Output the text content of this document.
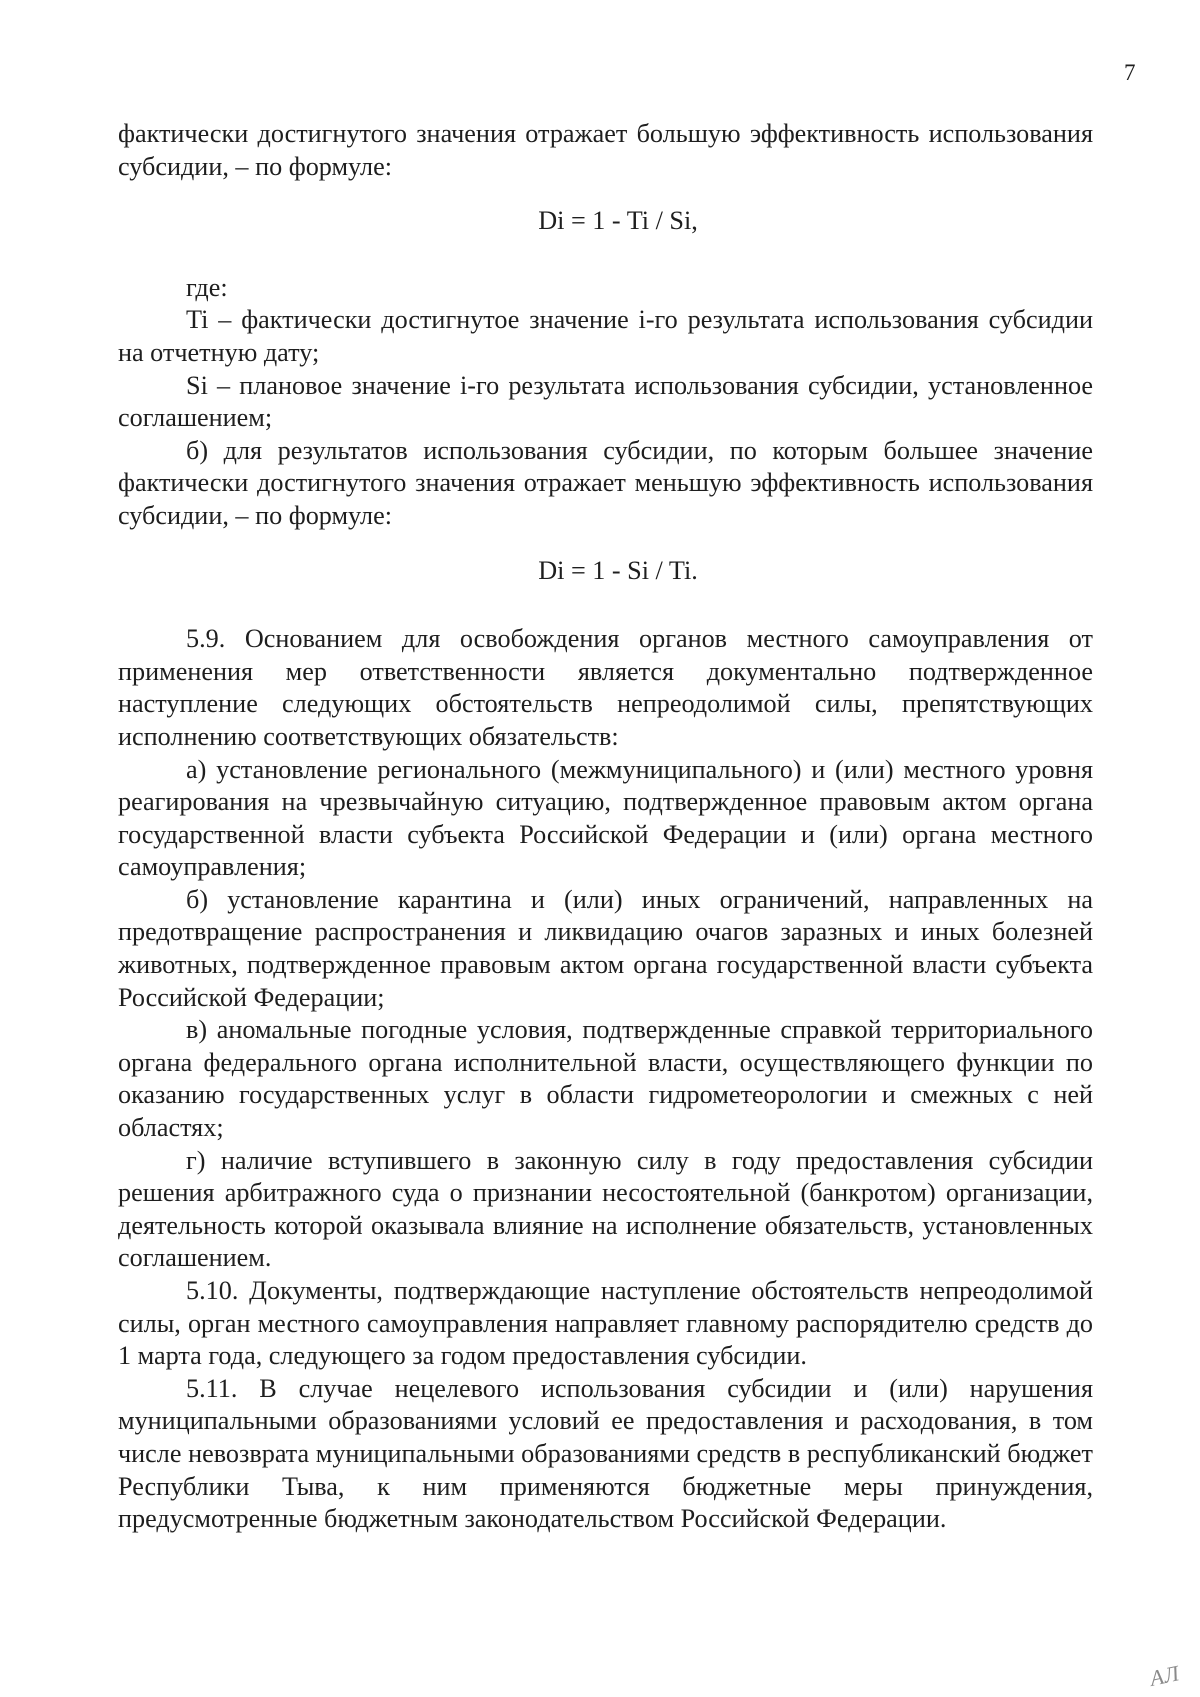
7

фактически достигнутого значения отражает большую эффективность использования субсидии, – по формуле:

Di = 1 - Ti / Si,

где:

Ti – фактически достигнутое значение i-го результата использования субсидии на отчетную дату;

Si – плановое значение i-го результата использования субсидии, установленное соглашением;

б) для результатов использования субсидии, по которым большее значение фактически достигнутого значения отражает меньшую эффективность использования субсидии, – по формуле:

Di = 1 - Si / Ti.

5.9. Основанием для освобождения органов местного самоуправления от применения мер ответственности является документально подтвержденное наступление следующих обстоятельств непреодолимой силы, препятствующих исполнению соответствующих обязательств:

а) установление регионального (межмуниципального) и (или) местного уровня реагирования на чрезвычайную ситуацию, подтвержденное правовым актом органа государственной власти субъекта Российской Федерации и (или) органа местного самоуправления;

б) установление карантина и (или) иных ограничений, направленных на предотвращение распространения и ликвидацию очагов заразных и иных болезней животных, подтвержденное правовым актом органа государственной власти субъекта Российской Федерации;

в) аномальные погодные условия, подтвержденные справкой территориального органа федерального органа исполнительной власти, осуществляющего функции по оказанию государственных услуг в области гидрометеорологии и смежных с ней областях;

г) наличие вступившего в законную силу в году предоставления субсидии решения арбитражного суда о признании несостоятельной (банкротом) организации, деятельность которой оказывала влияние на исполнение обязательств, установленных соглашением.

5.10. Документы, подтверждающие наступление обстоятельств непреодолимой силы, орган местного самоуправления направляет главному распорядителю средств до 1 марта года, следующего за годом предоставления субсидии.

5.11. В случае нецелевого использования субсидии и (или) нарушения муниципальными образованиями условий ее предоставления и расходования, в том числе невозврата муниципальными образованиями средств в республиканский бюджет Республики Тыва, к ним применяются бюджетные меры принуждения, предусмотренные бюджетным законодательством Российской Федерации.

АЛ
